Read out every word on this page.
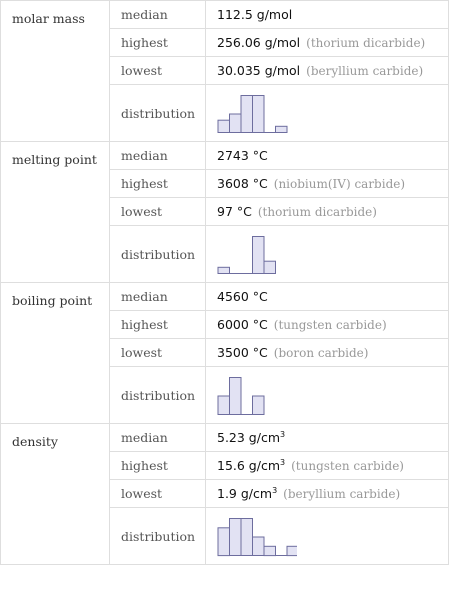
molar mass	median	112.5 g/mol
	highest	256.06 g/mol (thorium dicarbide)
	lowest	30.035 g/mol (beryllium carbide)
	distribution	

melting point	median	2743 °C
	highest	3608 °C (niobium(IV) carbide)
	lowest	97 °C (thorium dicarbide)
	distribution	

boiling point	median	4560 °C
	highest	6000 °C (tungsten carbide)
	lowest	3500 °C (boron carbide)
	distribution	

density	median	5.23 $g/cm^3$
	highest	15.6 $g/cm^3$ (tungsten carbide)
	lowest	1.9 $g/cm^3$ (beryllium carbide)
	distribution	
